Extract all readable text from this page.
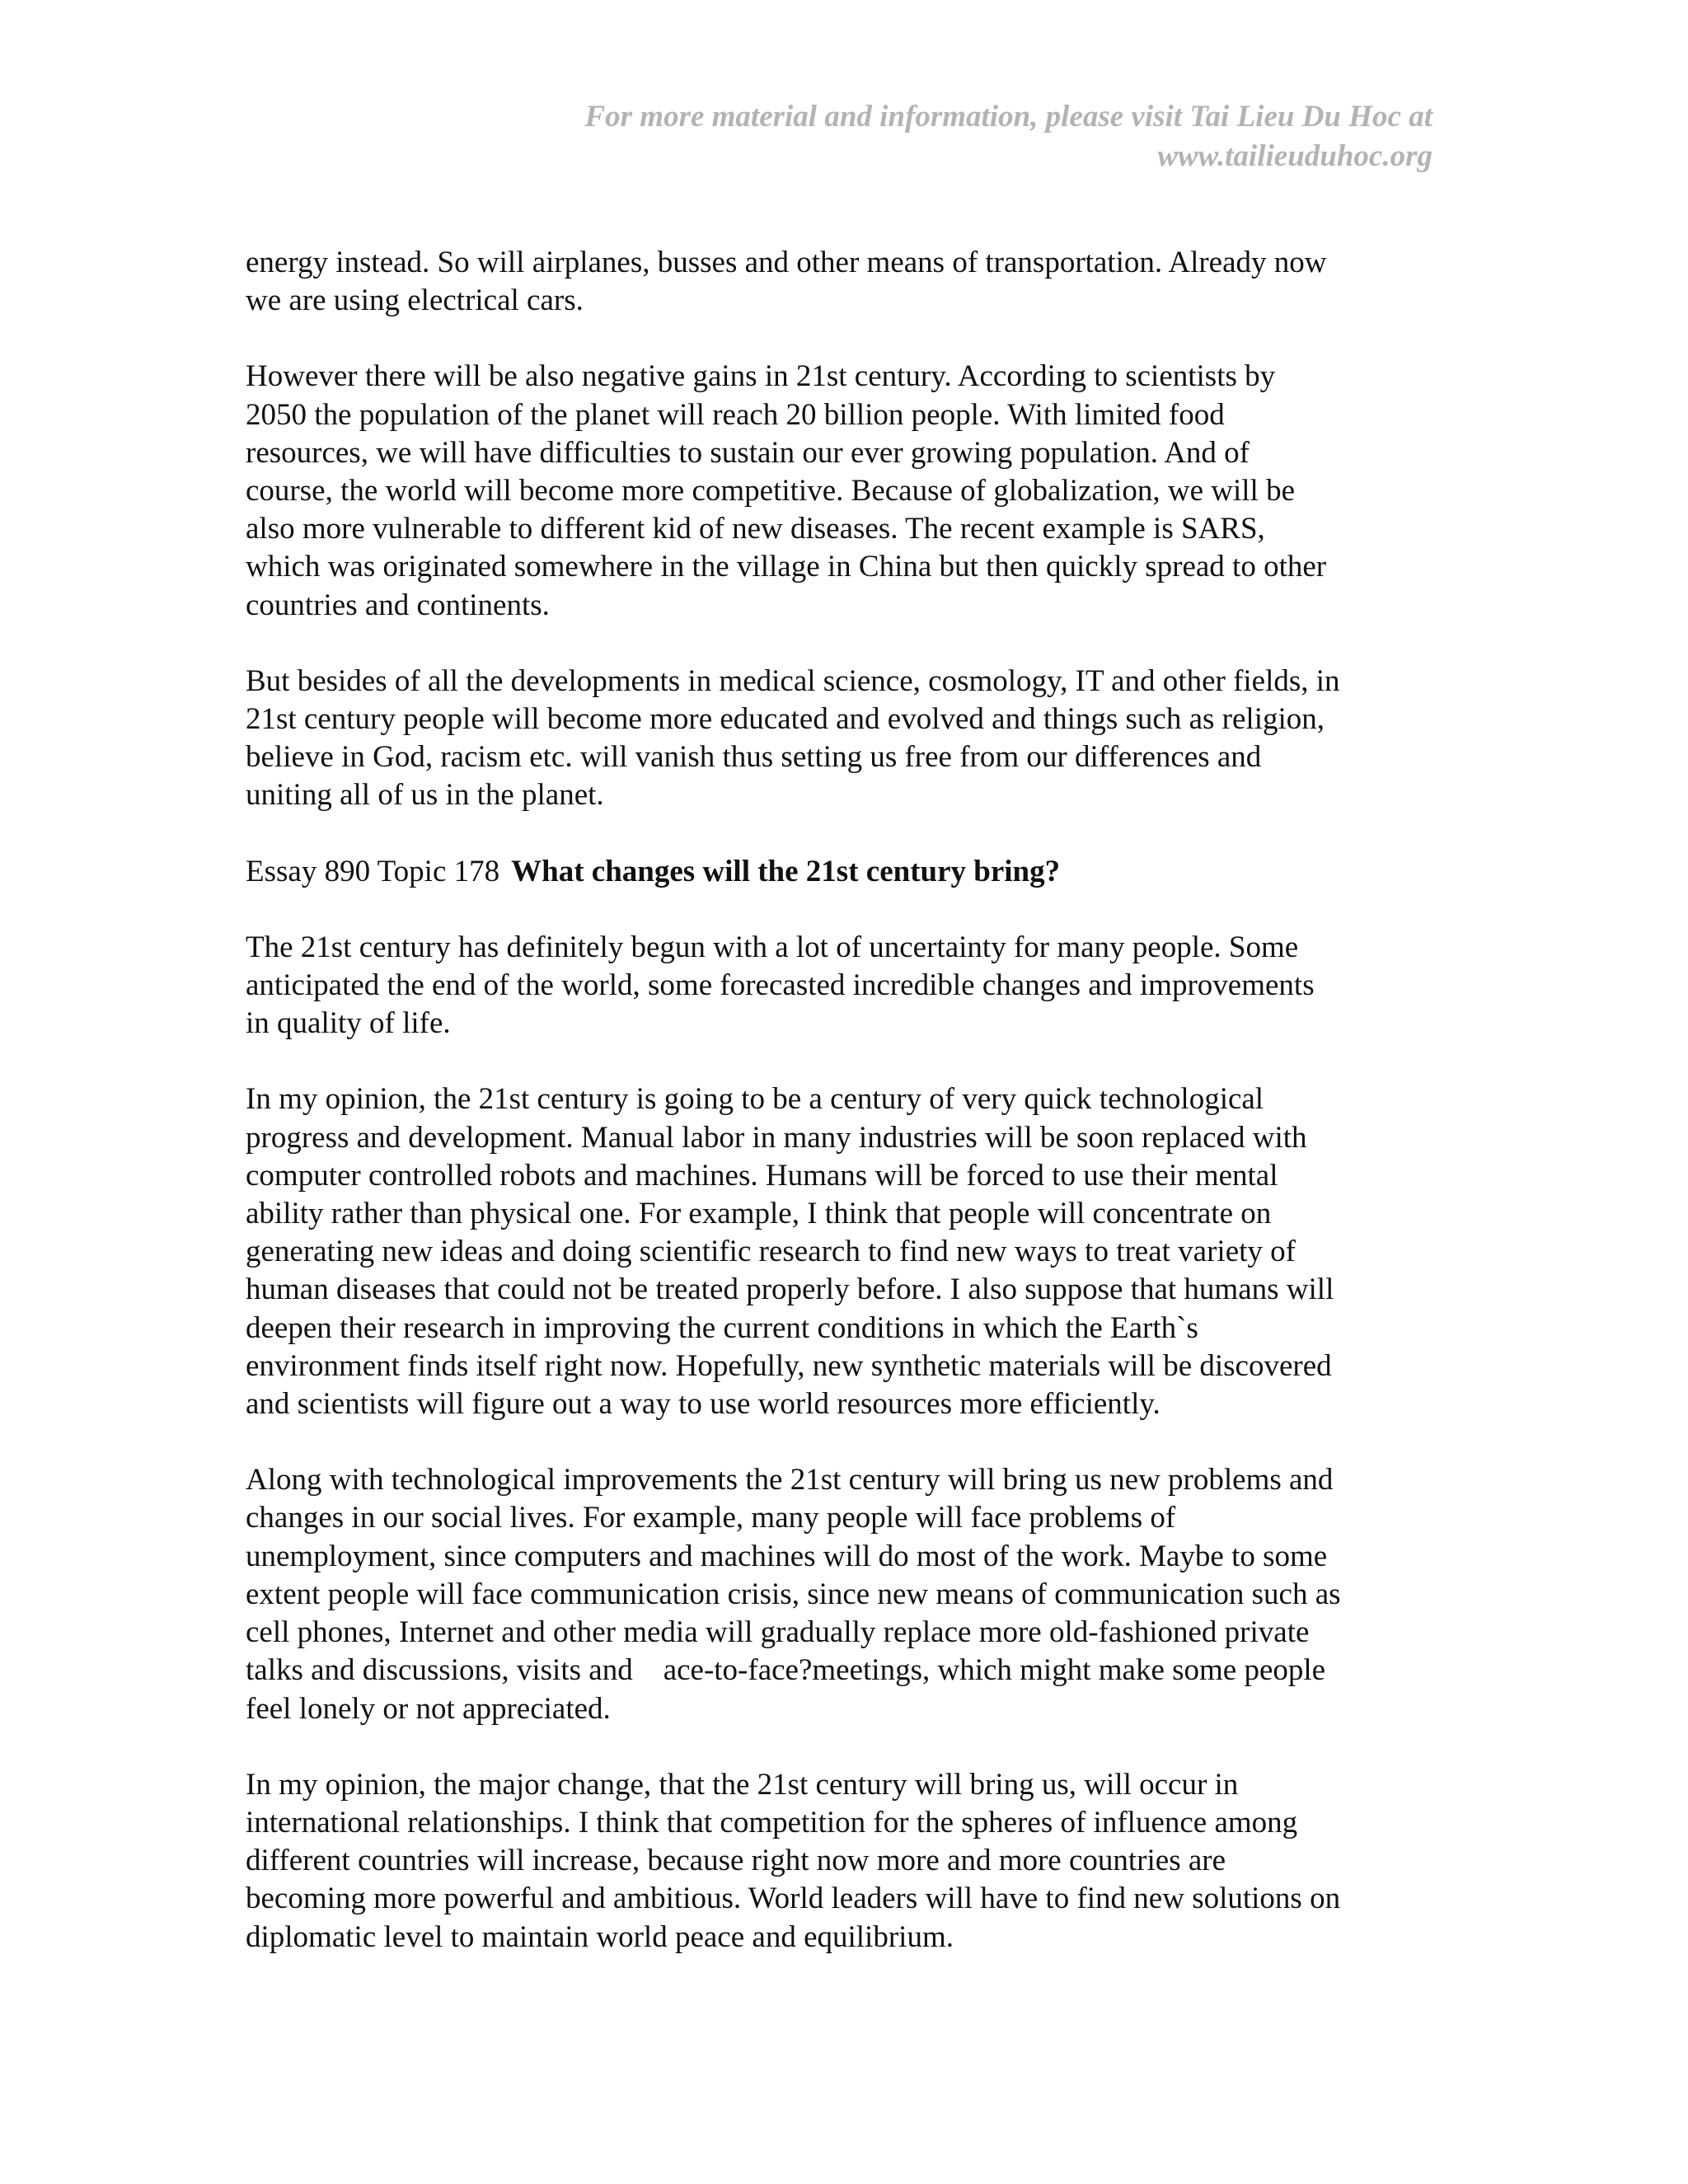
For more material and information, please visit Tai Lieu Du Hoc at
www.tailieuduhoc.org

energy instead. So will airplanes, busses and other means of transportation. Already now
we are using electrical cars.

However there will be also negative gains in 21st century. According to scientists by
2050 the population of the planet will reach 20 billion people. With limited food
resources, we will have difficulties to sustain our ever growing population. And of
course, the world will become more competitive. Because of globalization, we will be
also more vulnerable to different kid of new diseases. The recent example is SARS,
which was originated somewhere in the village in China but then quickly spread to other
countries and continents.

But besides of all the developments in medical science, cosmology, IT and other fields, in
21st century people will become more educated and evolved and things such as religion,
believe in God, racism etc. will vanish thus setting us free from our differences and
uniting all of us in the planet.

Essay 890 Topic 178 What changes will the 21st century bring?

The 21st century has definitely begun with a lot of uncertainty for many people. Some
anticipated the end of the world, some forecasted incredible changes and improvements
in quality of life.

In my opinion, the 21st century is going to be a century of very quick technological
progress and development. Manual labor in many industries will be soon replaced with
computer controlled robots and machines. Humans will be forced to use their mental
ability rather than physical one. For example, I think that people will concentrate on
generating new ideas and doing scientific research to find new ways to treat variety of
human diseases that could not be treated properly before. I also suppose that humans will
deepen their research in improving the current conditions in which the Earth`s
environment finds itself right now. Hopefully, new synthetic materials will be discovered
and scientists will figure out a way to use world resources more efficiently.

Along with technological improvements the 21st century will bring us new problems and
changes in our social lives. For example, many people will face problems of
unemployment, since computers and machines will do most of the work. Maybe to some
extent people will face communication crisis, since new means of communication such as
cell phones, Internet and other media will gradually replace more old-fashioned private
talks and discussions, visits and    ace-to-face?meetings, which might make some people
feel lonely or not appreciated.

In my opinion, the major change, that the 21st century will bring us, will occur in
international relationships. I think that competition for the spheres of influence among
different countries will increase, because right now more and more countries are
becoming more powerful and ambitious. World leaders will have to find new solutions on
diplomatic level to maintain world peace and equilibrium.
